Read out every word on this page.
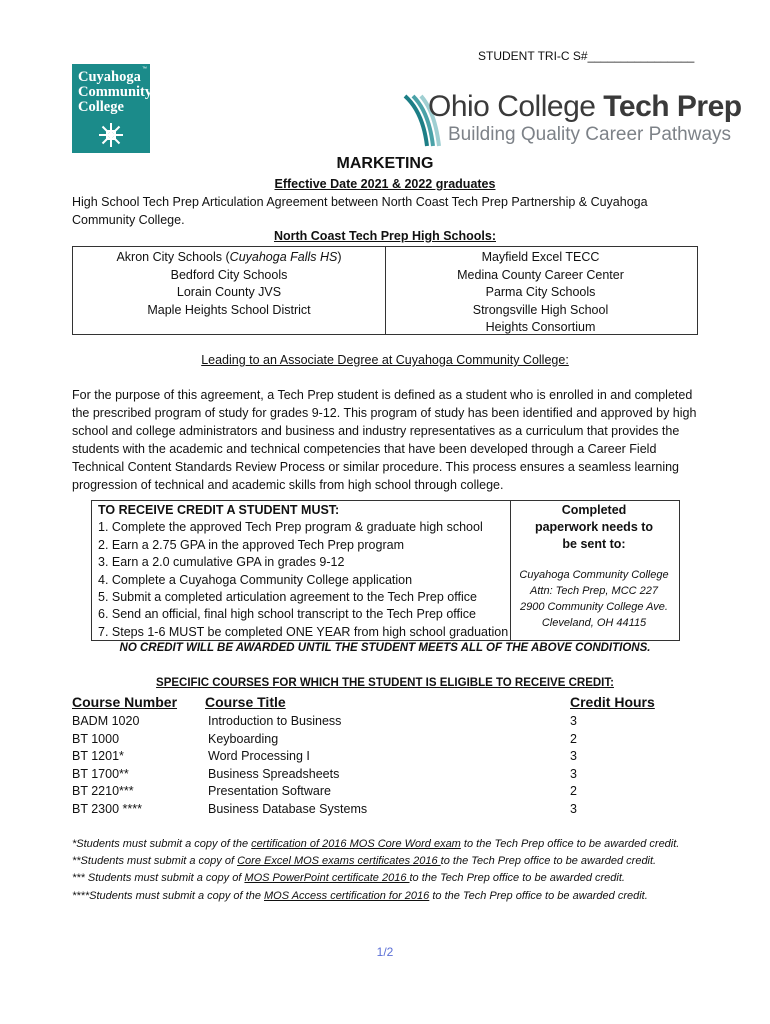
STUDENT TRI-C S#________________
Cuyahoga
Community
College
™
Ohio College Tech Prep
Building Quality Career Pathways
MARKETING
Effective Date 2021 & 2022 graduates
High School Tech Prep Articulation Agreement between North Coast Tech Prep Partnership & Cuyahoga Community College.
North Coast Tech Prep High Schools:
Akron City Schools (Cuyahoga Falls HS)
Bedford City Schools
Lorain County JVS
Maple Heights School District
Mayfield Excel TECC
Medina County Career Center
Parma City Schools
Strongsville High School
Heights Consortium
Leading to an Associate Degree at Cuyahoga Community College:
For the purpose of this agreement, a Tech Prep student is defined as a student who is enrolled in and completed the prescribed program of study for grades 9-12. This program of study has been identified and approved by high school and college administrators and business and industry representatives as a curriculum that provides the students with the academic and technical competencies that have been developed through a Career Field Technical Content Standards Review Process or similar procedure. This process ensures a seamless learning progression of technical and academic skills from high school through college.
TO RECEIVE CREDIT A STUDENT MUST:
1. Complete the approved Tech Prep program & graduate high school
2. Earn a 2.75 GPA in the approved Tech Prep program
3. Earn a 2.0 cumulative GPA in grades 9-12
4. Complete a Cuyahoga Community College application
5. Submit a completed articulation agreement to the Tech Prep office
6. Send an official, final high school transcript to the Tech Prep office
7. Steps 1-6 MUST be completed ONE YEAR from high school graduation
Completed paperwork needs to be sent to:
Cuyahoga Community College
Attn: Tech Prep, MCC 227
2900 Community College Ave.
Cleveland, OH 44115
NO CREDIT WILL BE AWARDED UNTIL THE STUDENT MEETS ALL OF THE ABOVE CONDITIONS.
SPECIFIC COURSES FOR WHICH THE STUDENT IS ELIGIBLE TO RECEIVE CREDIT:
Course Number Course Title	Credit Hours
BADM 1020	Introduction to Business	3
BT 1000	Keyboarding	2
BT 1201*	Word Processing I	3
BT 1700**	Business Spreadsheets	3
BT 2210***	Presentation Software	2
BT 2300 ****	Business Database Systems	3
*Students must submit a copy of the certification of 2016 MOS Core Word exam to the Tech Prep office to be awarded credit.
**Students must submit a copy of Core Excel MOS exams certificates 2016 to the Tech Prep office to be awarded credit.
*** Students must submit a copy of MOS PowerPoint certificate 2016 to the Tech Prep office to be awarded credit.
****Students must submit a copy of the MOS Access certification for 2016 to the Tech Prep office to be awarded credit.
1/2
